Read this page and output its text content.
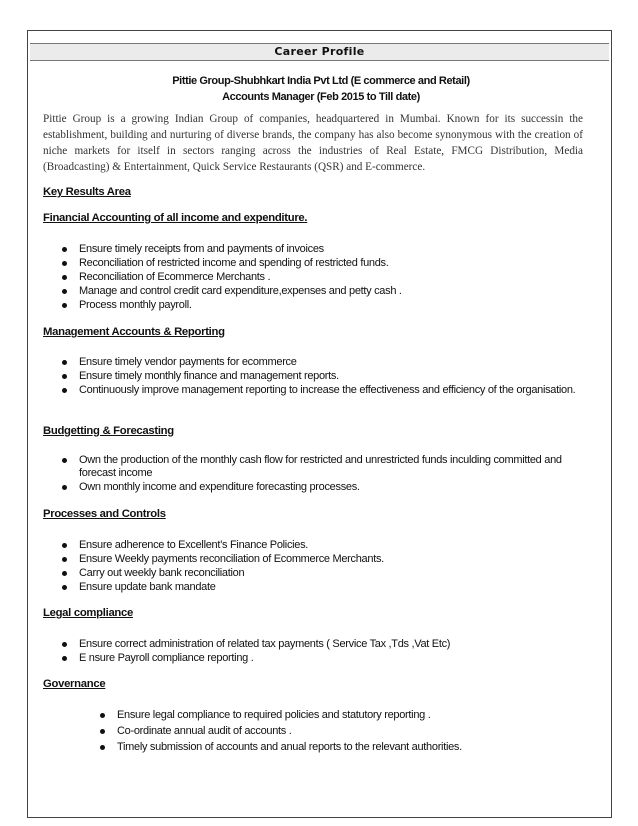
Career Profile
Pittie Group-Shubhkart India Pvt Ltd (E commerce and Retail)
Accounts Manager (Feb 2015 to Till date)

Pittie Group is a growing Indian Group of companies, headquartered in Mumbai. Known for its successin the establishment, building and nurturing of diverse brands, the company has also become synonymous with the creation of niche markets for itself in sectors ranging across the industries of Real Estate, FMCG Distribution, Media (Broadcasting) & Entertainment, Quick Service Restaurants (QSR) and E-commerce.

Key Results Area

Financial Accounting of all income and expenditure.

Ensure timely receipts from and payments of invoices
Reconciliation of restricted income and spending of restricted funds.
Reconciliation of Ecommerce Merchants .
Manage and control credit card expenditure,expenses and petty cash .
Process monthly payroll.

Management Accounts & Reporting

Ensure timely vendor payments for ecommerce
Ensure timely monthly finance and management reports.
Continuously improve management reporting to increase the effectiveness and efficiency of the organisation.

Budgetting & Forecasting

Own the production of the monthly cash flow for restricted and unrestricted funds inculding committed and forecast income
Own monthly income and expenditure forecasting processes.

Processes and Controls

Ensure adherence to Excellent’s Finance Policies.
Ensure Weekly payments reconciliation of Ecommerce Merchants.
Carry out weekly bank reconciliation
Ensure update bank mandate

Legal compliance

Ensure correct administration of related tax payments ( Service Tax ,Tds ,Vat Etc)
E nsure Payroll compliance reporting .

Governance

Ensure legal compliance to required policies and statutory reporting .
Co-ordinate annual audit of accounts .
Timely submission of accounts and anual reports to the relevant authorities.
